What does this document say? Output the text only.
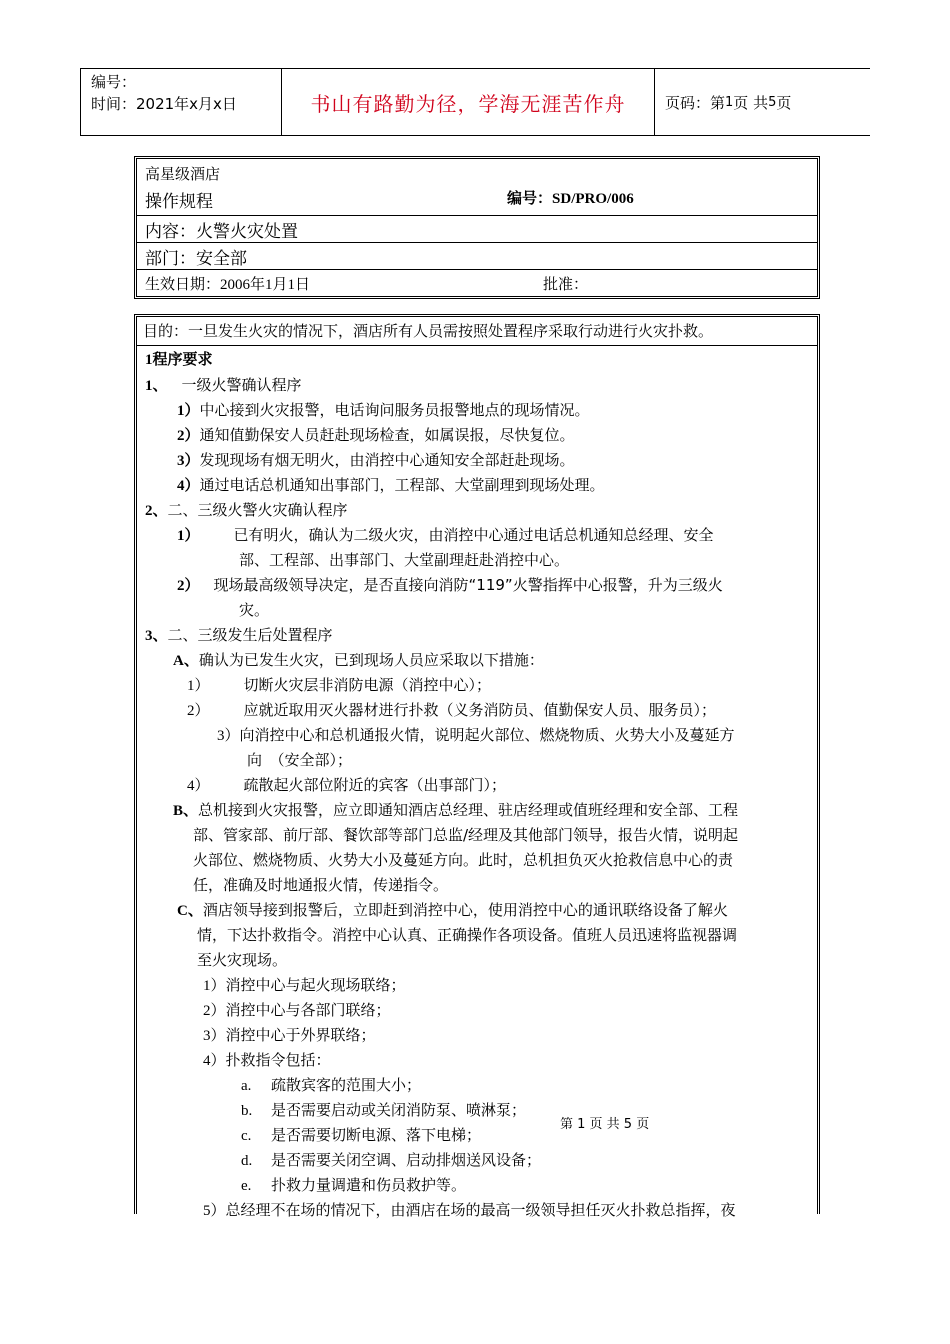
编号：
时间：2021年x月x日	书山有路勤为径，学海无涯苦作舟	页码：第 1 页 共 5 页
高星级酒店
操作规程	编号：SD/PRO/006
内容：火警火灾处置
部门：安全部
生效日期：2006年1月1日	批准：
目的：一旦发生火灾的情况下，酒店所有人员需按照处置程序采取行动进行火灾扑救。
1程序要求
1、 一级火警确认程序
1）中心接到火灾报警，电话询问服务员报警地点的现场情况。
2）通知值勤保安人员赶赴现场检查，如属误报，尽快复位。
3）发现现场有烟无明火，由消控中心通知安全部赶赴现场。
4）通过电话总机通知出事部门，工程部、大堂副理到现场处理。
2、二、三级火警火灾确认程序
1） 已有明火，确认为二级火灾，由消控中心通过电话总机通知总经理、安全
部、工程部、出事部门、大堂副理赶赴消控中心。
2） 现场最高级领导决定，是否直接向消防“119”火警指挥中心报警，升为三级火
灾。
3、二、三级发生后处置程序
A、确认为已发生火灾，已到现场人员应采取以下措施：
1） 切断火灾层非消防电源（消控中心）；
2） 应就近取用灭火器材进行扑救（义务消防员、值勤保安人员、服务员）；
3）向消控中心和总机通报火情，说明起火部位、燃烧物质、火势大小及蔓延方
向　（安全部）；
4） 疏散起火部位附近的宾客（出事部门）；
B、总机接到火灾报警，应立即通知酒店总经理、驻店经理或值班经理和安全部、工程
部、管家部、前厅部、餐饮部等部门总监/经理及其他部门领导，报告火情，说明起
火部位、燃烧物质、火势大小及蔓延方向。此时，总机担负灭火抢救信息中心的责
任，准确及时地通报火情，传递指令。
C、酒店领导接到报警后，立即赶到消控中心，使用消控中心的通讯联络设备了解火
情，下达扑救指令。消控中心认真、正确操作各项设备。值班人员迅速将监视器调
至火灾现场。
1）消控中心与起火现场联络；
2）消控中心与各部门联络；
3）消控中心于外界联络；
4）扑救指令包括：
a. 疏散宾客的范围大小；
b. 是否需要启动或关闭消防泵、喷淋泵；
c. 是否需要切断电源、落下电梯；
d. 是否需要关闭空调、启动排烟送风设备；
e. 扑救力量调遣和伤员救护等。
5）总经理不在场的情况下，由酒店在场的最高一级领导担任灭火扑救总指挥，夜
第 1 页 共 5 页
